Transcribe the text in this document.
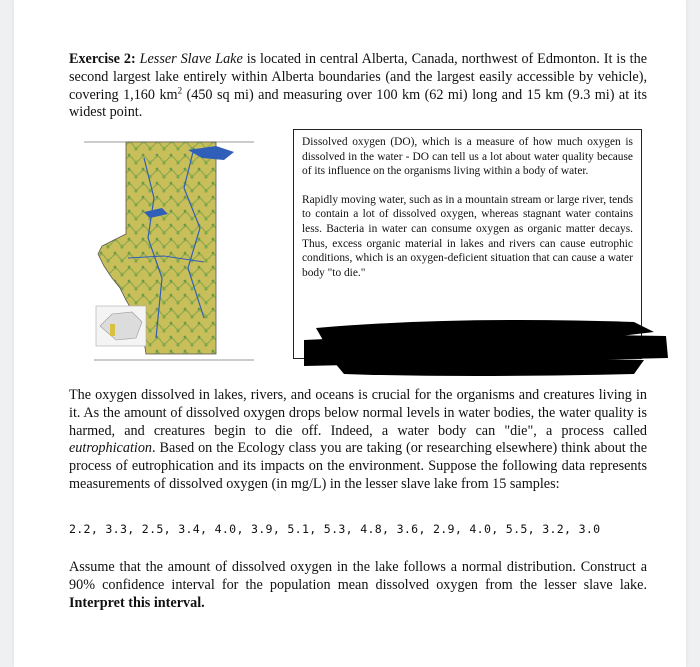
Exercise 2: Lesser Slave Lake is located in central Alberta, Canada, northwest of Edmonton. It is the second largest lake entirely within Alberta boundaries (and the largest easily accessible by vehicle), covering 1,160 $km^2$ (450 sq mi) and measuring over 100 km (62 mi) long and 15 km (9.3 mi) at its widest point.

Dissolved oxygen (DO), which is a measure of how much oxygen is dissolved in the water - DO can tell us a lot about water quality because of its influence on the organisms living within a body of water.

Rapidly moving water, such as in a mountain stream or large river, tends to contain a lot of dissolved oxygen, whereas stagnant water contains less. Bacteria in water can consume oxygen as organic matter decays. Thus, excess organic material in lakes and rivers can cause eutrophic conditions, which is an oxygen-deficient situation that can cause a water body "to die."

The oxygen dissolved in lakes, rivers, and oceans is crucial for the organisms and creatures living in it. As the amount of dissolved oxygen drops below normal levels in water bodies, the water quality is harmed, and creatures begin to die off. Indeed, a water body can "die", a process called eutrophication. Based on the Ecology class you are taking (or researching elsewhere) think about the process of eutrophication and its impacts on the environment. Suppose the following data represents measurements of dissolved oxygen (in mg/L) in the lesser slave lake from 15 samples:
2.2, 3.3, 2.5, 3.4, 4.0, 3.9, 5.1, 5.3, 4.8, 3.6, 2.9, 4.0, 5.5, 3.2, 3.0
Assume that the amount of dissolved oxygen in the lake follows a normal distribution. Construct a 90% confidence interval for the population mean dissolved oxygen from the lesser slave lake. Interpret this interval.
